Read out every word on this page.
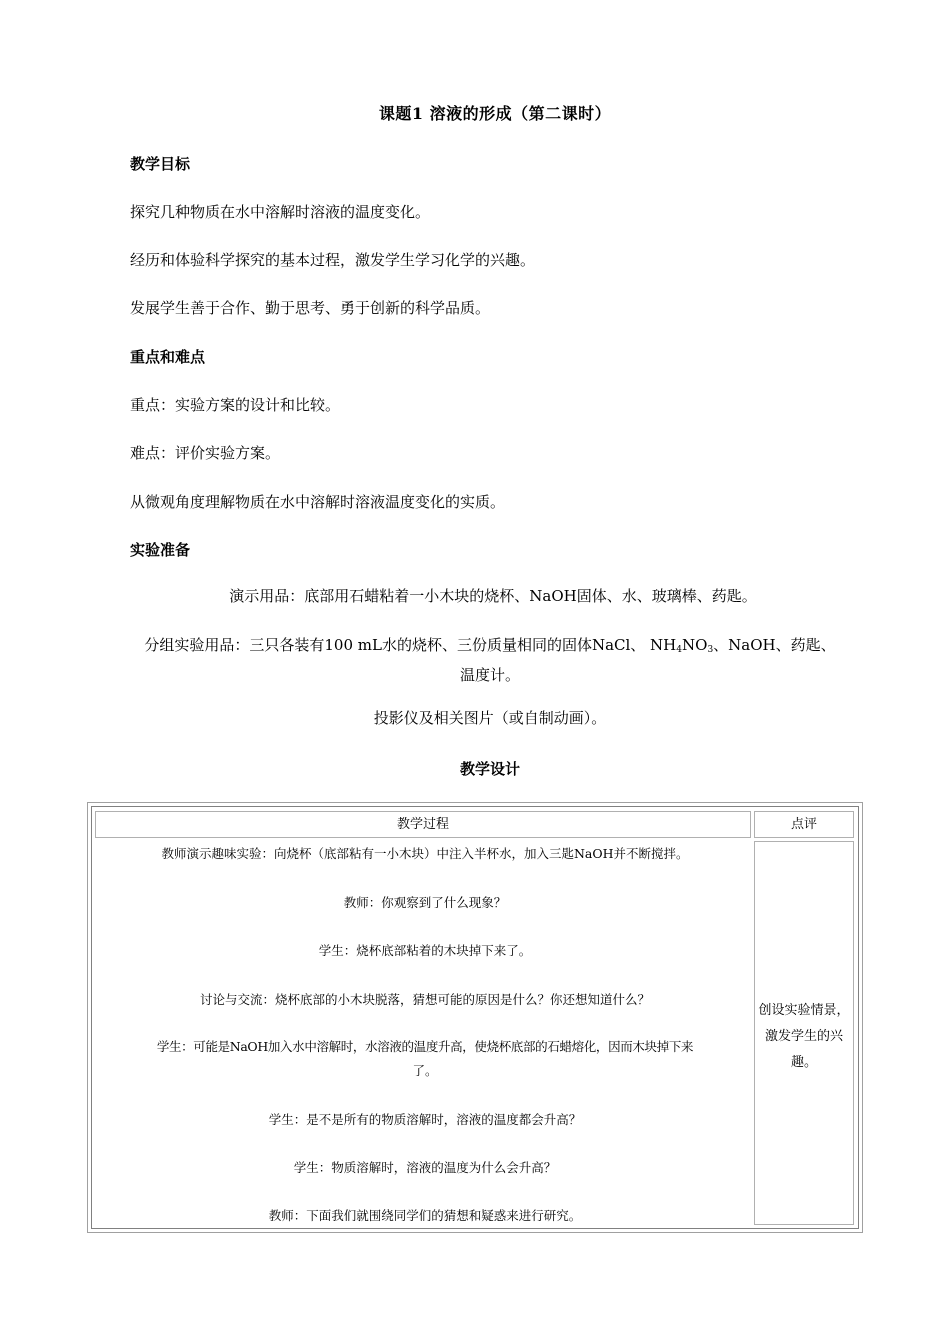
课题1 溶液的形成（第二课时）
教学目标
探究几种物质在水中溶解时溶液的温度变化。
经历和体验科学探究的基本过程，激发学生学习化学的兴趣。
发展学生善于合作、勤于思考、勇于创新的科学品质。
重点和难点
重点：实验方案的设计和比较。
难点：评价实验方案。
从微观角度理解物质在水中溶解时溶液温度变化的实质。
实验准备
演示用品：底部用石蜡粘着一小木块的烧杯、NaOH固体、水、玻璃棒、药匙。
分组实验用品：三只各装有100 mL水的烧杯、三份质量相同的固体NaCl、 $NH_4NO_3$、NaOH、药匙、
温度计。
投影仪及相关图片（或自制动画）。
教学设计
教学过程	点评
教师演示趣味实验：向烧杯（底部粘有一小木块）中注入半杯水，加入三匙NaOH并不断搅拌。
教师：你观察到了什么现象？
学生：烧杯底部粘着的木块掉下来了。
讨论与交流：烧杯底部的小木块脱落，猜想可能的原因是什么？你还想知道什么？
学生：可能是NaOH加入水中溶解时，水溶液的温度升高，使烧杯底部的石蜡熔化，因而木块掉下来
了。
学生：是不是所有的物质溶解时，溶液的温度都会升高？
学生：物质溶解时，溶液的温度为什么会升高？
教师：下面我们就围绕同学们的猜想和疑惑来进行研究。
创设实验情景，
激发学生的兴
趣。
